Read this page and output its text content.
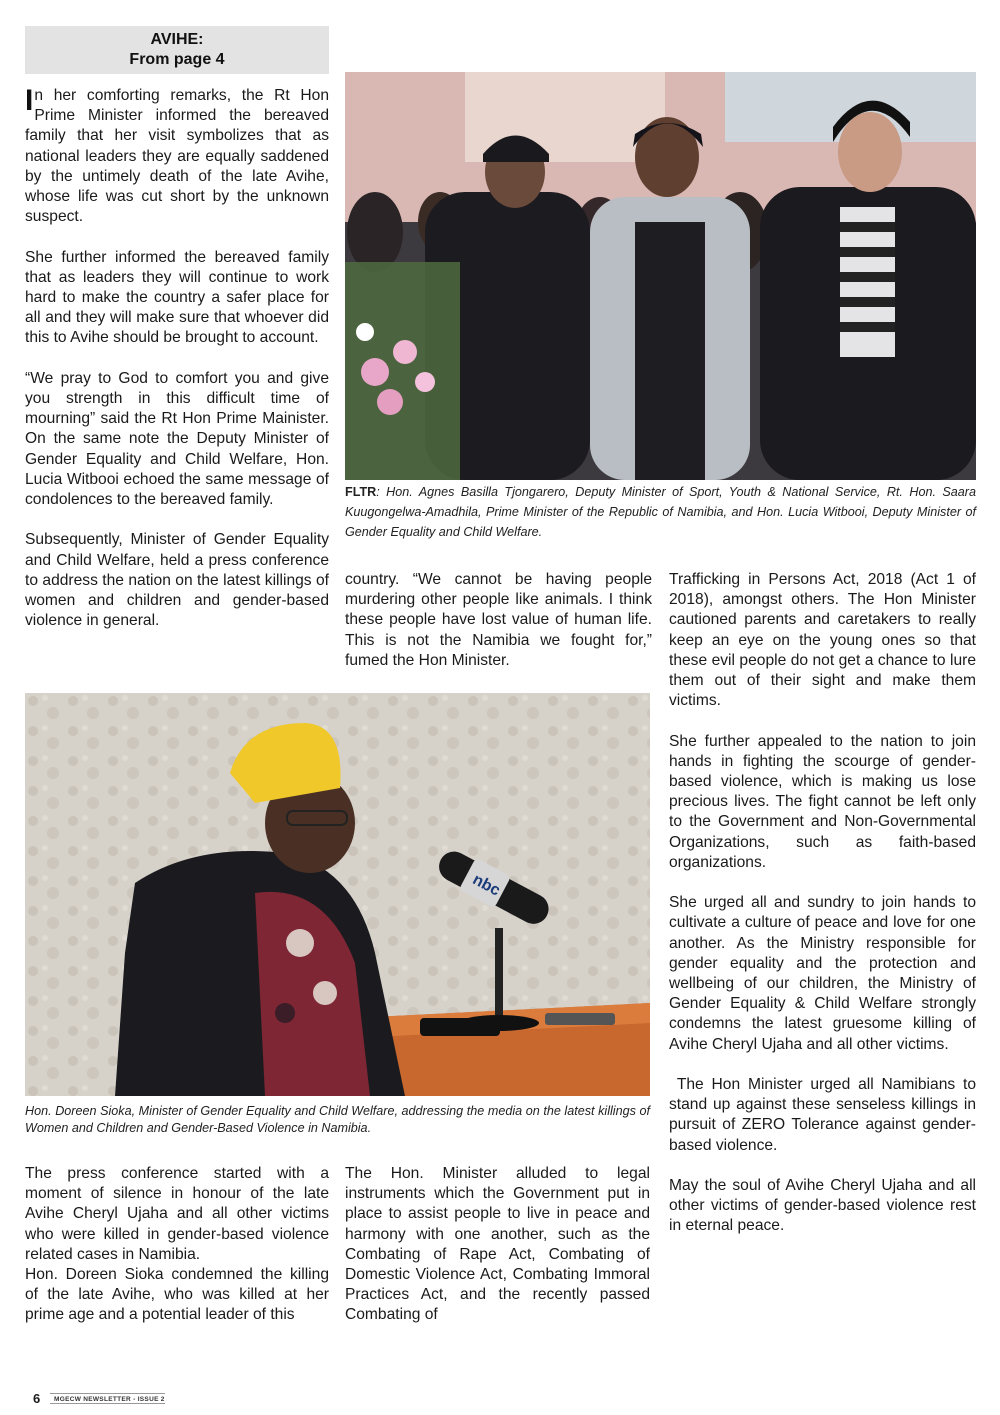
AVIHE:
From page 4

In her comforting remarks, the Rt Hon Prime Minister informed the bereaved family that her visit symbolizes that as national leaders they are equally saddened by the untimely death of the late Avihe, whose life was cut short by the unknown suspect.

She further informed the bereaved family that as leaders they will continue to work hard to make the country a safer place for all and they will make sure that whoever did this to Avihe should be brought to account.

“We pray to God to comfort you and give you strength in this difficult time of mourning” said the Rt Hon Prime Mainister. On the same note the Deputy Minister of Gender Equality and Child Welfare, Hon. Lucia Witbooi echoed the same message of condolences to the bereaved family.

Subsequently, Minister of Gender Equality and Child Welfare, held a press conference to address the nation on the latest killings of women and children and gender-based violence in general.

FLTR: Hon. Agnes Basilla Tjongarero, Deputy Minister of Sport, Youth & National Service, Rt. Hon. Saara Kuugongelwa-Amadhila, Prime Minister of the Republic of Namibia, and Hon. Lucia Witbooi, Deputy Minister of Gender Equality and Child Welfare.

country. “We cannot be having people murdering other people like animals. I think these people have lost value of human life. This is not the Namibia we fought for,” fumed the Hon Minister.

Trafficking in Persons Act, 2018 (Act 1 of 2018), amongst others. The Hon Minister cautioned parents and caretakers to really keep an eye on the young ones so that these evil people do not get a chance to lure them out of their sight and make them victims.

She further appealed to the nation to join hands in fighting the scourge of gender-based violence, which is making us lose precious lives. The fight cannot be left only to the Government and Non-Governmental Organizations, such as faith-based organizations.

She urged all and sundry to join hands to cultivate a culture of peace and love for one another. As the Ministry responsible for gender equality and the protection and wellbeing of our children, the Ministry of Gender Equality & Child Welfare strongly condemns the latest gruesome killing of Avihe Cheryl Ujaha and all other victims.

The Hon Minister urged all Namibians to stand up against these senseless killings in pursuit of ZERO Tolerance against gender-based violence.

May the soul of Avihe Cheryl Ujaha and all other victims of gender-based violence rest in eternal peace.

nbc
Hon. Doreen Sioka, Minister of Gender Equality and Child Welfare, addressing the media on the latest killings of Women and Children and Gender-Based Violence in Namibia.

The press conference started with a moment of silence in honour of the late Avihe Cheryl Ujaha and all other victims who were killed in gender-based violence related cases in Namibia.

Hon. Doreen Sioka condemned the killing of the late Avihe, who was killed at her prime age and a potential leader of this

The Hon. Minister alluded to legal instruments which the Government put in place to assist people to live in peace and harmony with one another, such as the Combating of Rape Act, Combating of Domestic Violence Act, Combating Immoral Practices Act, and the recently passed Combating of

6	MGECW NEWSLETTER - ISSUE 2
